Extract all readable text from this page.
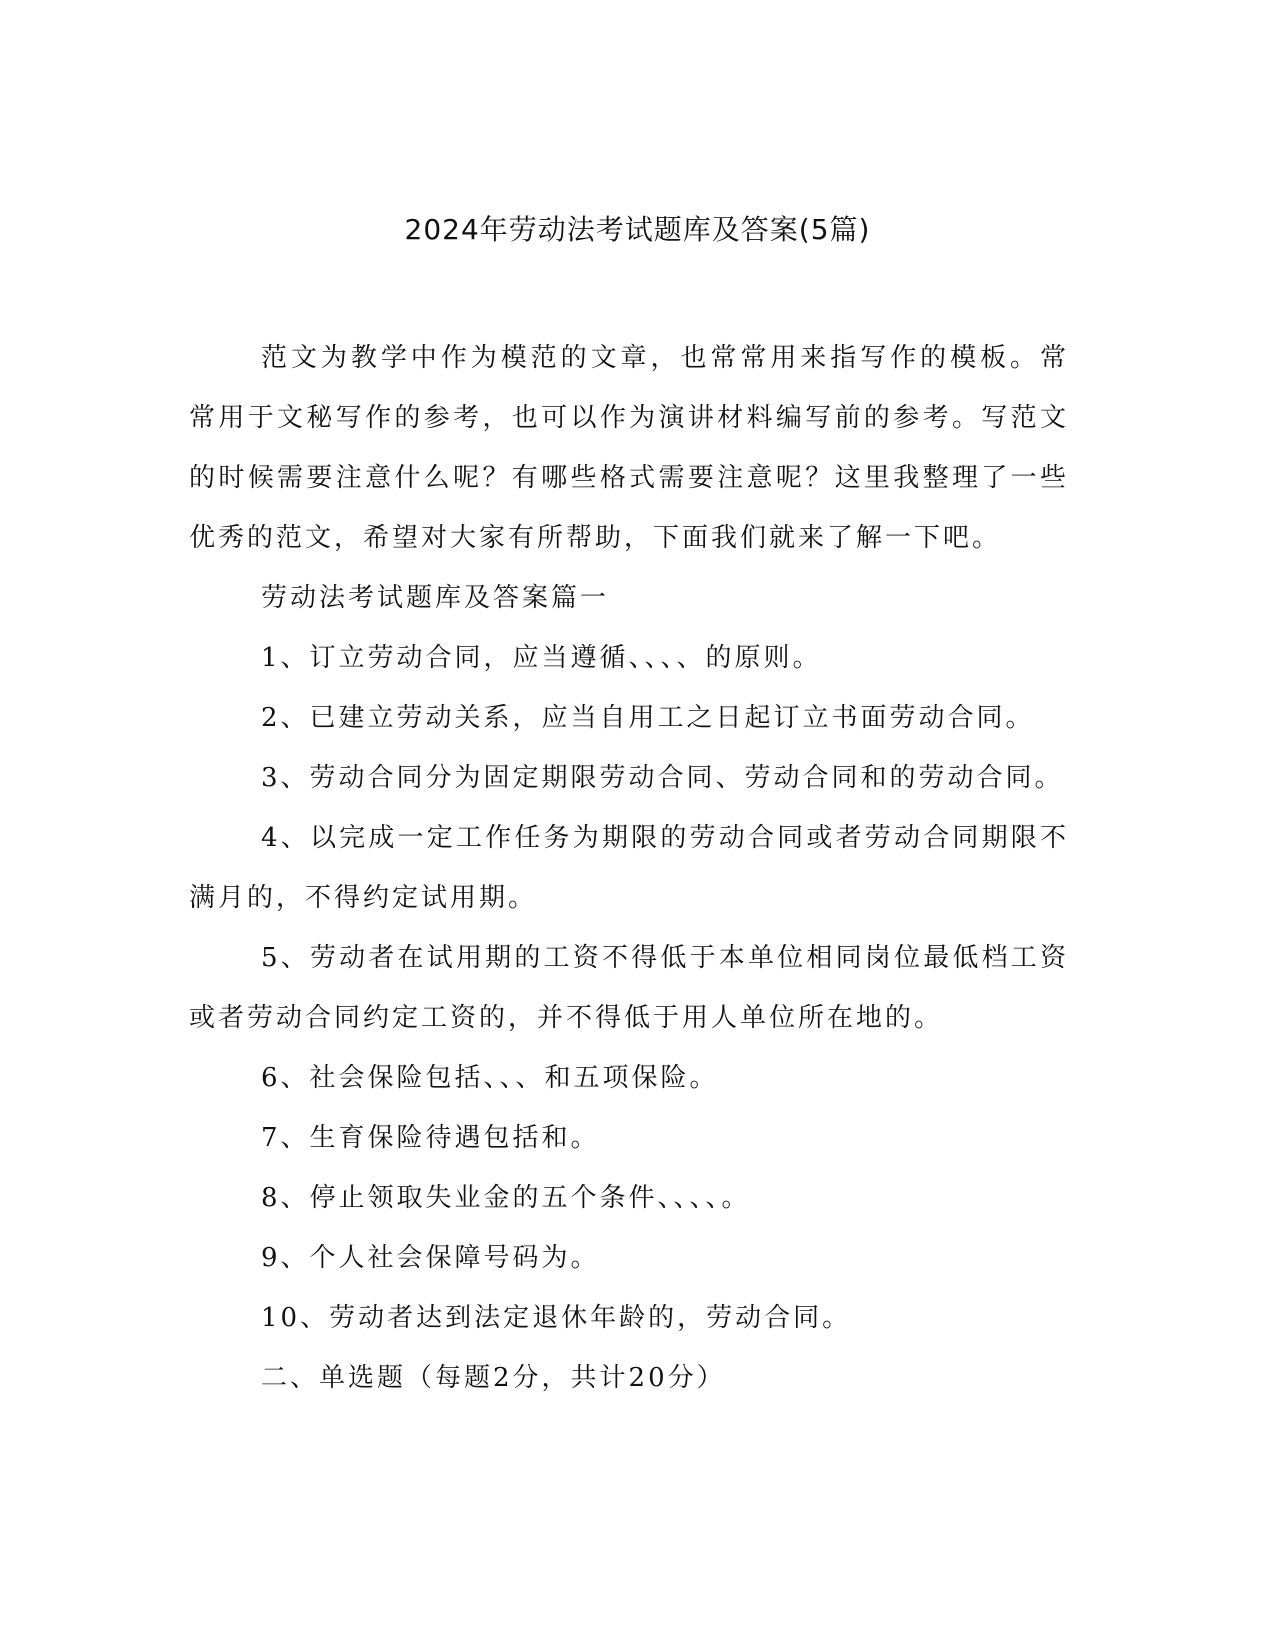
2024年劳动法考试题库及答案(5篇)

范文为教学中作为模范的文章，也常常用来指写作的模板。常常用于文秘写作的参考，也可以作为演讲材料编写前的参考。写范文的时候需要注意什么呢？有哪些格式需要注意呢？这里我整理了一些优秀的范文，希望对大家有所帮助，下面我们就来了解一下吧。

劳动法考试题库及答案篇一

1、订立劳动合同，应当遵循、、、、的原则。

2、已建立劳动关系，应当自用工之日起订立书面劳动合同。

3、劳动合同分为固定期限劳动合同、劳动合同和的劳动合同。

4、以完成一定工作任务为期限的劳动合同或者劳动合同期限不满月的，不得约定试用期。

5、劳动者在试用期的工资不得低于本单位相同岗位最低档工资或者劳动合同约定工资的，并不得低于用人单位所在地的。

6、社会保险包括、、、和五项保险。

7、生育保险待遇包括和。

8、停止领取失业金的五个条件、、、、。

9、个人社会保障号码为。

10、劳动者达到法定退休年龄的，劳动合同。

二、单选题（每题2分，共计20分）
